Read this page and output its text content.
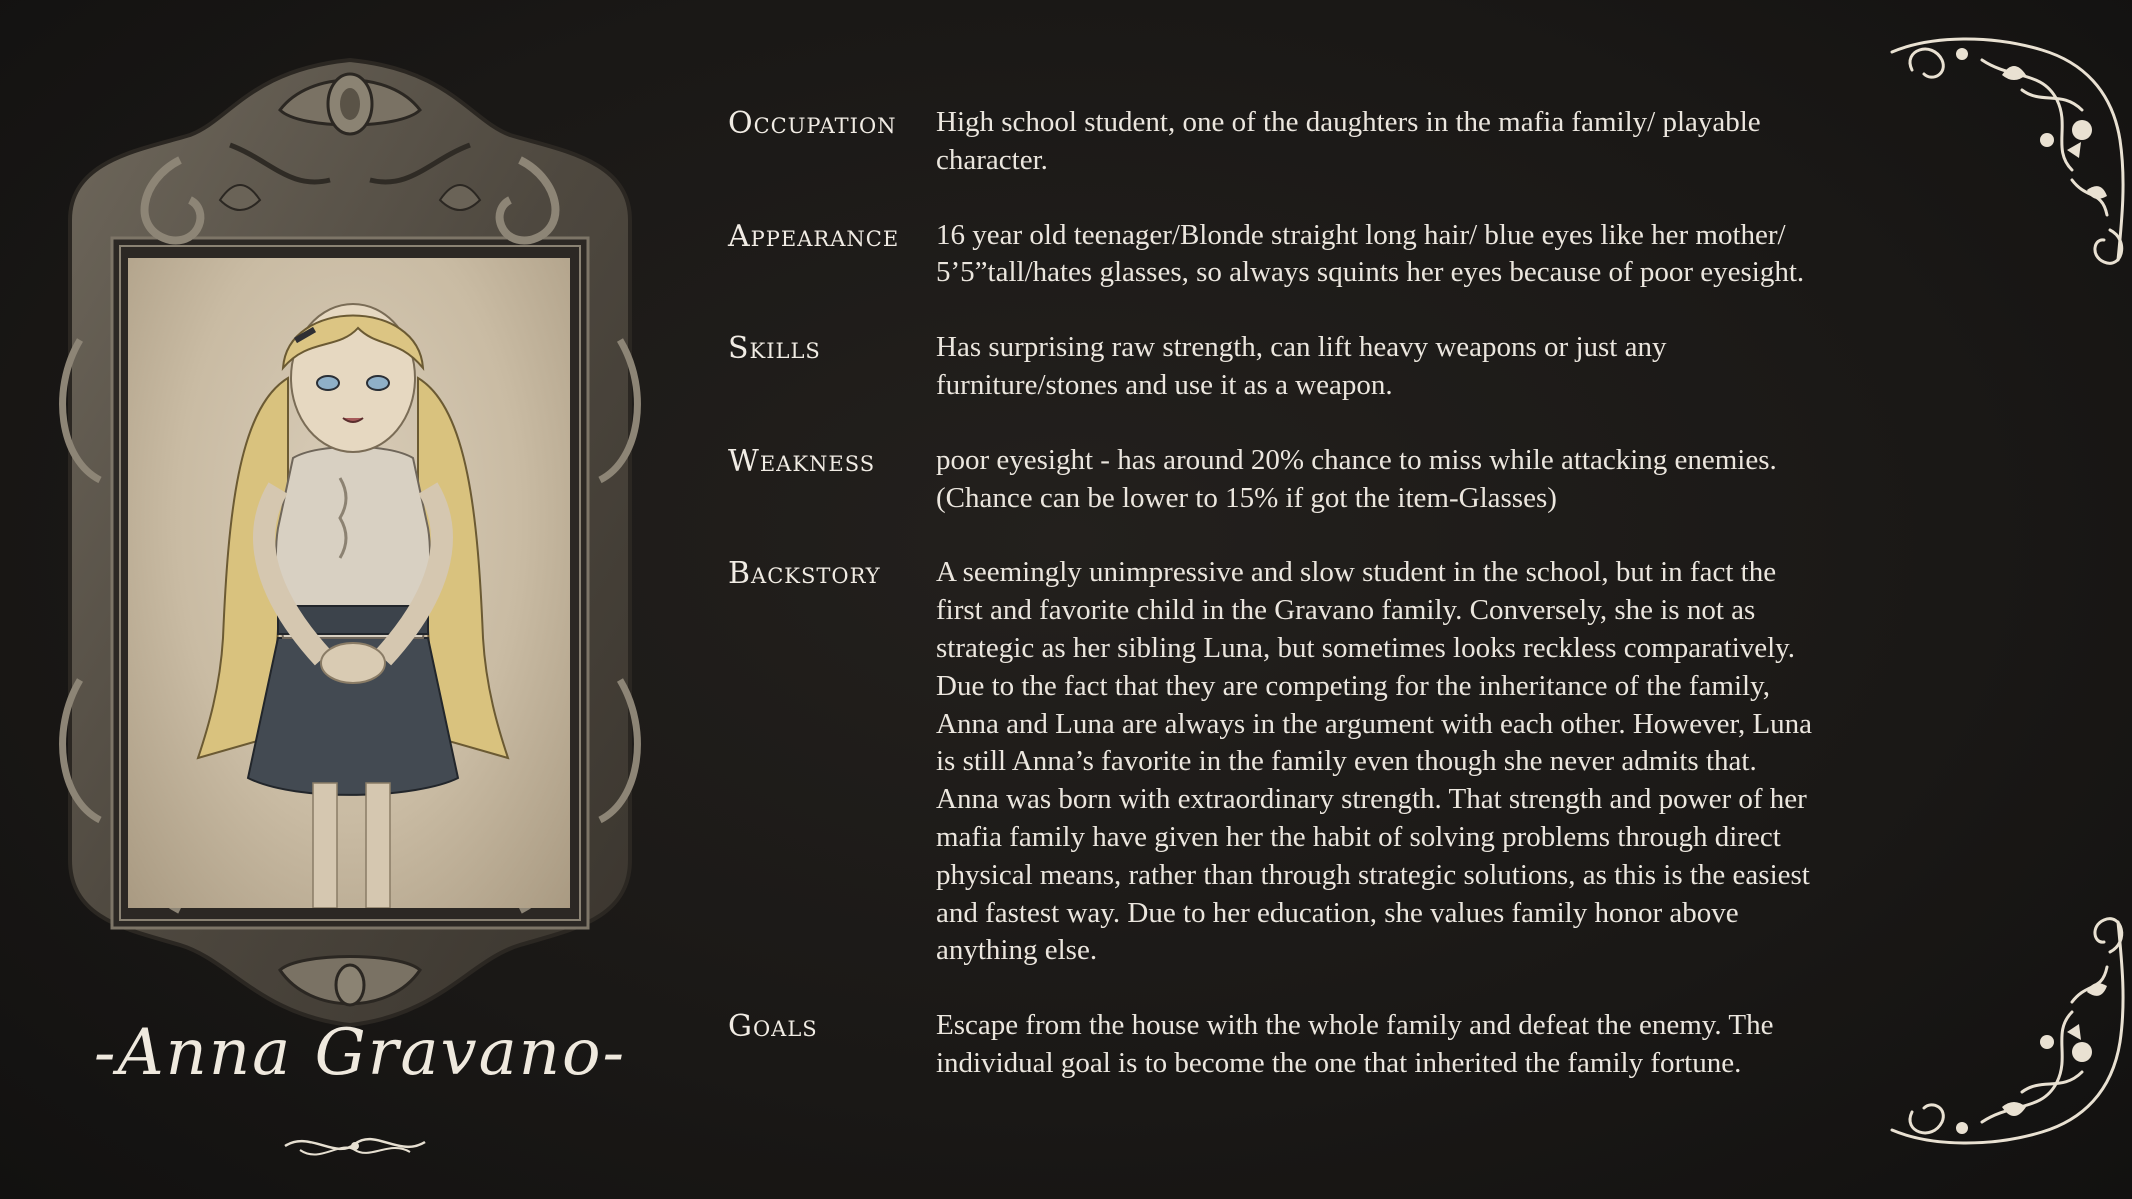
-Anna Gravano-
Occupation	High school student, one of the daughters in the mafia family/ playable
character.
Appearance	16 year old teenager/Blonde straight long hair/ blue eyes like her mother/
5’5”tall/hates glasses, so always squints her eyes because of poor eyesight.
Skills	Has surprising raw strength, can lift heavy weapons or just any
furniture/stones and use it as a weapon.
Weakness	poor eyesight - has around 20% chance to miss while attacking enemies.
(Chance can be lower to 15% if got the item-Glasses)
Backstory	A seemingly unimpressive and slow student in the school, but in fact the
first and favorite child in the Gravano family. Conversely, she is not as
strategic as her sibling Luna, but sometimes looks reckless comparatively.
Due to the fact that they are competing for the inheritance of the family,
Anna and Luna are always in the argument with each other. However, Luna
is still Anna’s favorite in the family even though she never admits that.
Anna was born with extraordinary strength. That strength and power of her
mafia family have given her the habit of solving problems through direct
physical means, rather than through strategic solutions, as this is the easiest
and fastest way. Due to her education, she values family honor above
anything else.
Goals	Escape from the house with the whole family and defeat the enemy. The
individual goal is to become the one that inherited the family fortune.
